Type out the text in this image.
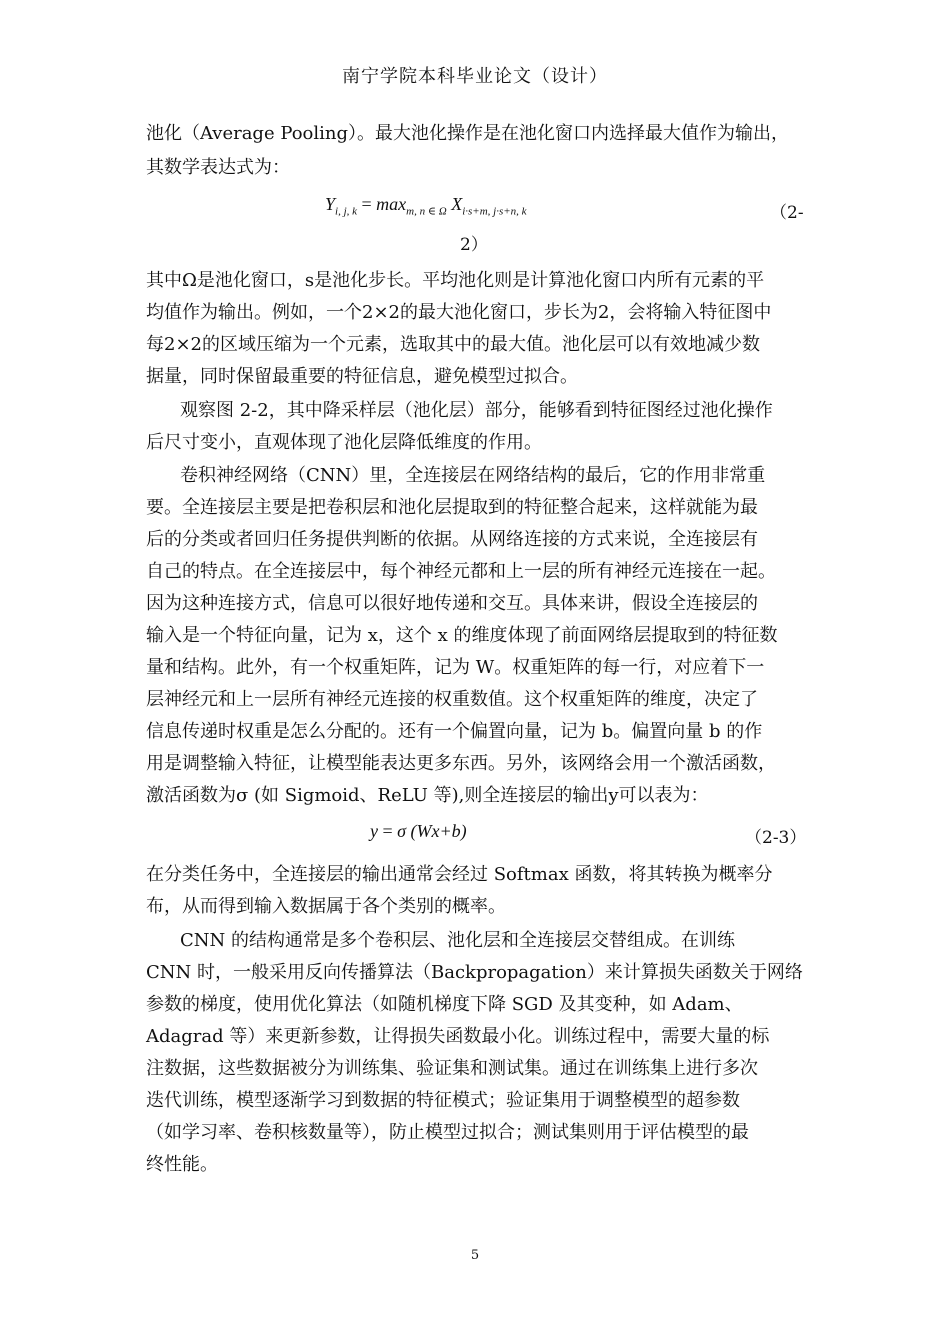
南宁学院本科毕业论文（设计）
池化（Average Pooling）。最大池化操作是在池化窗口内选择最大值作为输出，
其数学表达式为：
$Y_{i, j, k} = \max_{m, n \in \Omega} X_{i\cdot s+m, j\cdot s+n, k}$	（2-
2）
其中Ω是池化窗口，s是池化步长。平均池化则是计算池化窗口内所有元素的平
均值作为输出。例如，一个2×2的最大池化窗口，步长为2，会将输入特征图中
每2×2的区域压缩为一个元素，选取其中的最大值。池化层可以有效地减少数
据量，同时保留最重要的特征信息，避免模型过拟合。
观察图 2-2，其中降采样层（池化层）部分，能够看到特征图经过池化操作
后尺寸变小，直观体现了池化层降低维度的作用。
卷积神经网络（CNN）里，全连接层在网络结构的最后，它的作用非常重
要。全连接层主要是把卷积层和池化层提取到的特征整合起来，这样就能为最
后的分类或者回归任务提供判断的依据。从网络连接的方式来说，全连接层有
自己的特点。在全连接层中，每个神经元都和上一层的所有神经元连接在一起。
因为这种连接方式，信息可以很好地传递和交互。具体来讲，假设全连接层的
输入是一个特征向量，记为 x，这个 x 的维度体现了前面网络层提取到的特征数
量和结构。此外，有一个权重矩阵，记为 W。权重矩阵的每一行，对应着下一
层神经元和上一层所有神经元连接的权重数值。这个权重矩阵的维度，决定了
信息传递时权重是怎么分配的。还有一个偏置向量，记为 b。偏置向量 b 的作
用是调整输入特征，让模型能表达更多东西。另外，该网络会用一个激活函数，
激活函数为σ (如 Sigmoid、ReLU 等),则全连接层的输出y可以表为：
y = σ (Wx+b)	（2-3）
在分类任务中，全连接层的输出通常会经过 Softmax 函数，将其转换为概率分
布，从而得到输入数据属于各个类别的概率。
CNN 的结构通常是多个卷积层、池化层和全连接层交替组成。在训练
CNN 时，一般采用反向传播算法（Backpropagation）来计算损失函数关于网络
参数的梯度，使用优化算法（如随机梯度下降 SGD 及其变种，如 Adam、
Adagrad 等）来更新参数，让得损失函数最小化。训练过程中，需要大量的标
注数据，这些数据被分为训练集、验证集和测试集。通过在训练集上进行多次
迭代训练，模型逐渐学习到数据的特征模式；验证集用于调整模型的超参数
（如学习率、卷积核数量等），防止模型过拟合；测试集则用于评估模型的最
终性能。
5
